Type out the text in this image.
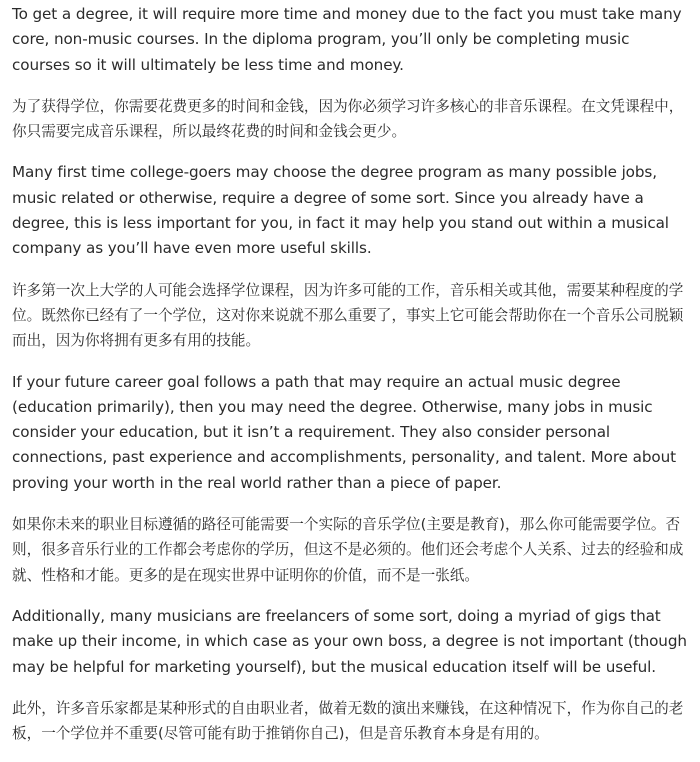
To get a degree, it will require more time and money due to the fact you must take many core, non-music courses. In the diploma program, you’ll only be completing music courses so it will ultimately be less time and money.

为了获得学位，你需要花费更多的时间和金钱，因为你必须学习许多核心的非音乐课程。在文凭课程中，你只需要完成音乐课程，所以最终花费的时间和金钱会更少。

Many first time college-goers may choose the degree program as many possible jobs, music related or otherwise, require a degree of some sort. Since you already have a degree, this is less important for you, in fact it may help you stand out within a musical company as you’ll have even more useful skills.

许多第一次上大学的人可能会选择学位课程，因为许多可能的工作，音乐相关或其他，需要某种程度的学位。既然你已经有了一个学位，这对你来说就不那么重要了，事实上它可能会帮助你在一个音乐公司脱颖而出，因为你将拥有更多有用的技能。

If your future career goal follows a path that may require an actual music degree (education primarily), then you may need the degree. Otherwise, many jobs in music consider your education, but it isn’t a requirement. They also consider personal connections, past experience and accomplishments, personality, and talent. More about proving your worth in the real world rather than a piece of paper.

如果你未来的职业目标遵循的路径可能需要一个实际的音乐学位(主要是教育)，那么你可能需要学位。否则，很多音乐行业的工作都会考虑你的学历，但这不是必须的。他们还会考虑个人关系、过去的经验和成就、性格和才能。更多的是在现实世界中证明你的价值，而不是一张纸。

Additionally, many musicians are freelancers of some sort, doing a myriad of gigs that make up their income, in which case as your own boss, a degree is not important (though may be helpful for marketing yourself), but the musical education itself will be useful.

此外，许多音乐家都是某种形式的自由职业者，做着无数的演出来赚钱，在这种情况下，作为你自己的老板，一个学位并不重要(尽管可能有助于推销你自己)，但是音乐教育本身是有用的。
